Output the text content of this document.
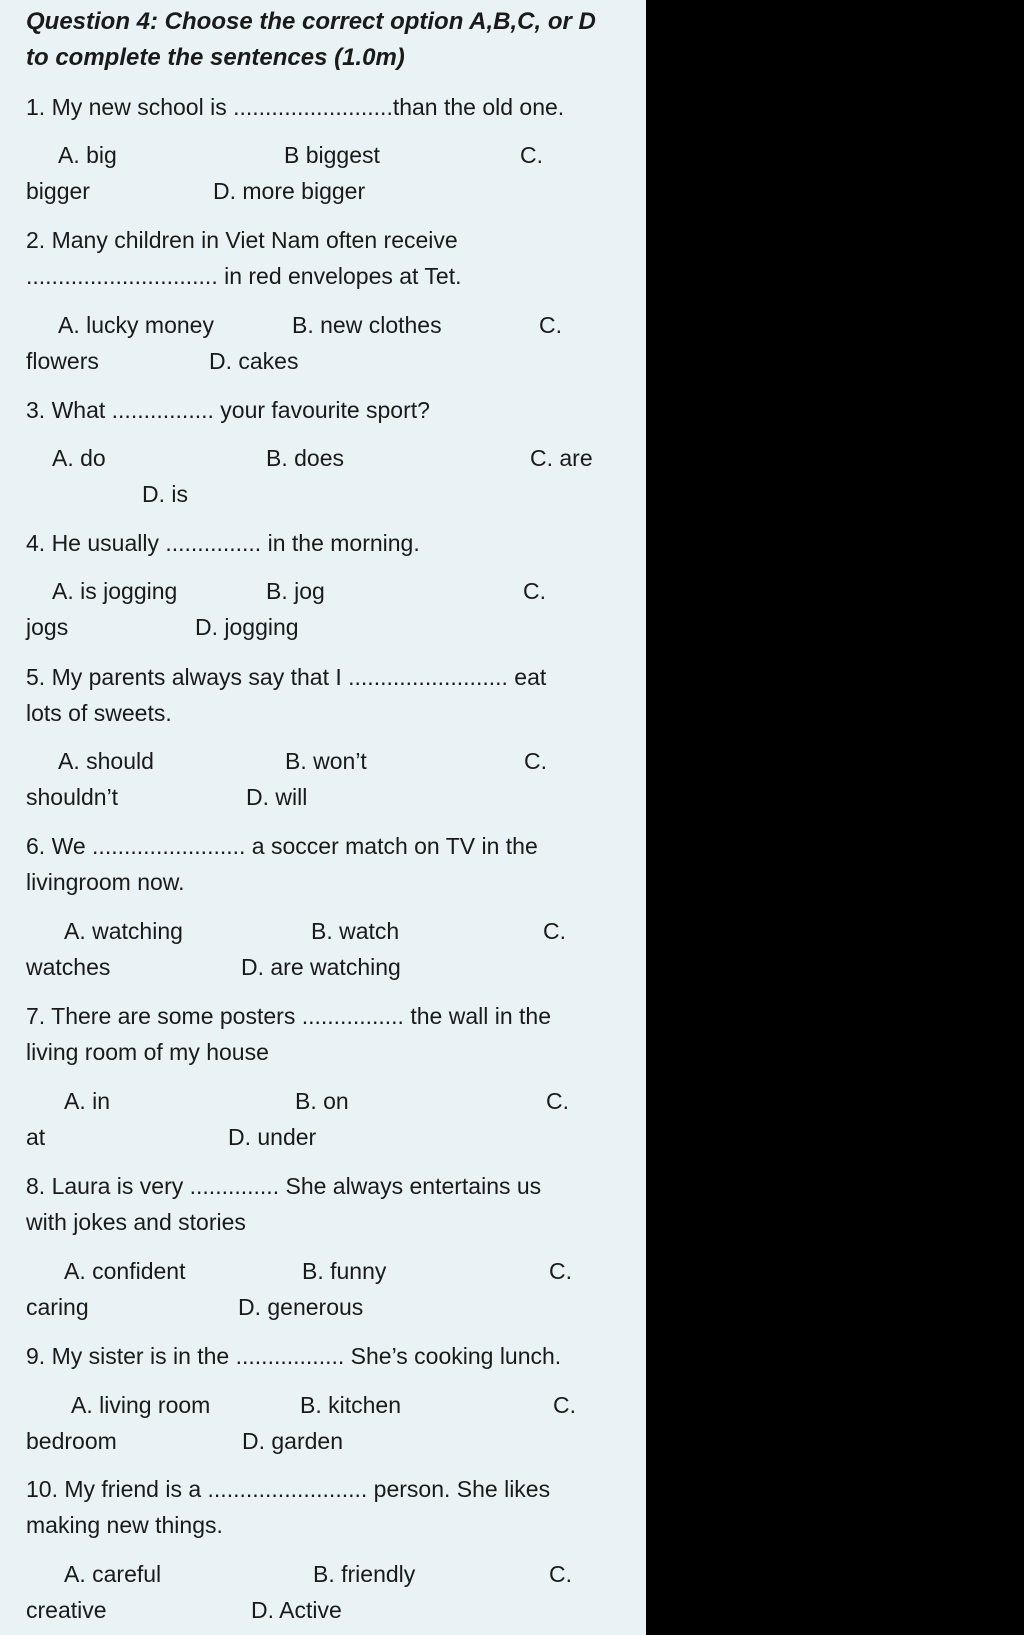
Question 4: Choose the correct option A,B,C, or D

to complete the sentences (1.0m)

1. My new school is .........................than the old one.

A. big	B biggest	C.
bigger	D. more bigger

2. Many children in Viet Nam often receive

.............................. in red envelopes at Tet.

A. lucky money	B. new clothes	C.
flowers	D. cakes

3. What ................ your favourite sport?

A. do	B. does	C. are
D. is

4. He usually ............... in the morning.

A. is jogging	B. jog	C.
jogs	D. jogging

5. My parents always say that I ......................... eat

lots of sweets.

A. should	B. won’t	C.
shouldn’t	D. will

6. We ........................ a soccer match on TV in the

livingroom now.

A. watching	B. watch	C.
watches	D. are watching

7. There are some posters ................ the wall in the

living room of my house

A. in	B. on	C.
at	D. under

8. Laura is very .............. She always entertains us

with jokes and stories

A. confident	B. funny	C.
caring	D. generous

9. My sister is in the ................. She’s cooking lunch.

A. living room	B. kitchen	C.
bedroom	D. garden

10. My friend is a ......................... person. She likes

making new things.

A. careful	B. friendly	C.
creative	D. Active
